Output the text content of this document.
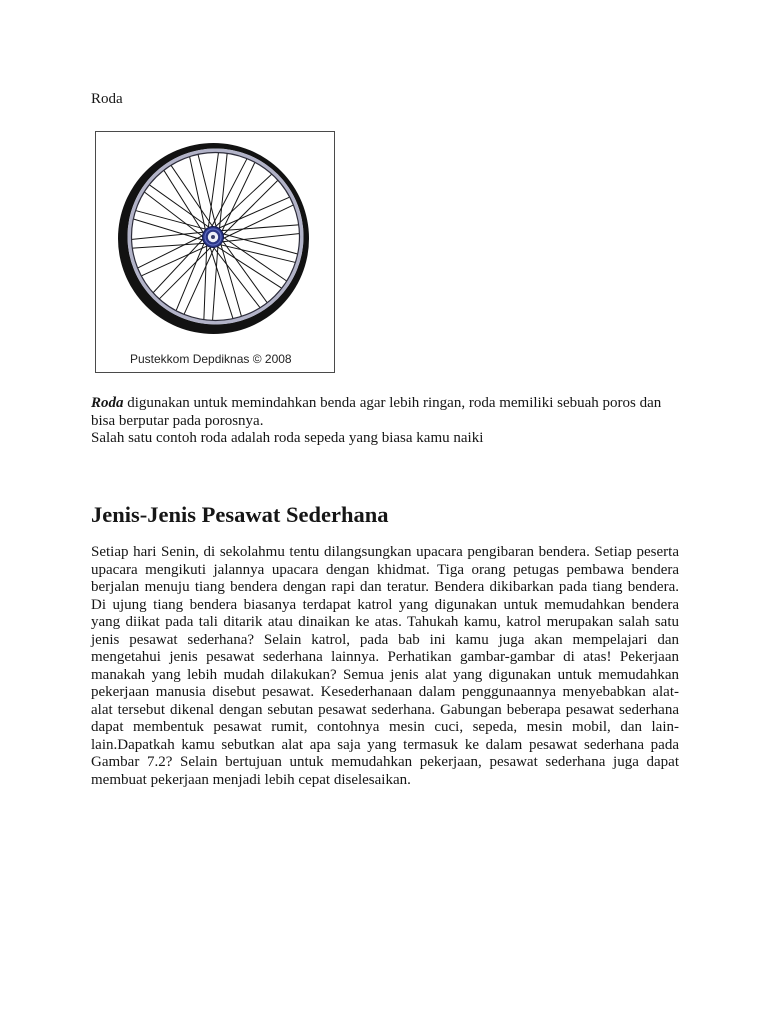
Roda
Pustekkom Depdiknas © 2008
Roda digunakan untuk memindahkan benda agar lebih ringan, roda memiliki sebuah poros dan
bisa berputar pada porosnya.
Salah satu contoh roda adalah roda sepeda yang biasa kamu naiki
Jenis-Jenis Pesawat Sederhana
Setiap hari Senin, di sekolahmu tentu dilangsungkan upacara pengibaran bendera. Setiap peserta
upacara mengikuti jalannya upacara dengan khidmat. Tiga orang petugas pembawa bendera
berjalan menuju tiang bendera dengan rapi dan teratur. Bendera dikibarkan pada tiang bendera.
Di ujung tiang bendera biasanya terdapat katrol yang digunakan untuk memudahkan bendera
yang diikat pada tali ditarik atau dinaikan ke atas. Tahukah kamu, katrol merupakan salah satu
jenis pesawat sederhana? Selain katrol, pada bab ini kamu juga akan mempelajari dan
mengetahui jenis pesawat sederhana lainnya. Perhatikan gambar-gambar di atas! Pekerjaan
manakah yang lebih mudah dilakukan? Semua jenis alat yang digunakan untuk memudahkan
pekerjaan manusia disebut pesawat. Kesederhanaan dalam penggunaannya menyebabkan alat-
alat tersebut dikenal dengan sebutan pesawat sederhana. Gabungan beberapa pesawat sederhana
dapat membentuk pesawat rumit, contohnya mesin cuci, sepeda, mesin mobil, dan lain-
lain.Dapatkah kamu sebutkan alat apa saja yang termasuk ke dalam pesawat sederhana pada
Gambar 7.2? Selain bertujuan untuk memudahkan pekerjaan, pesawat sederhana juga dapat
membuat pekerjaan menjadi lebih cepat diselesaikan.
